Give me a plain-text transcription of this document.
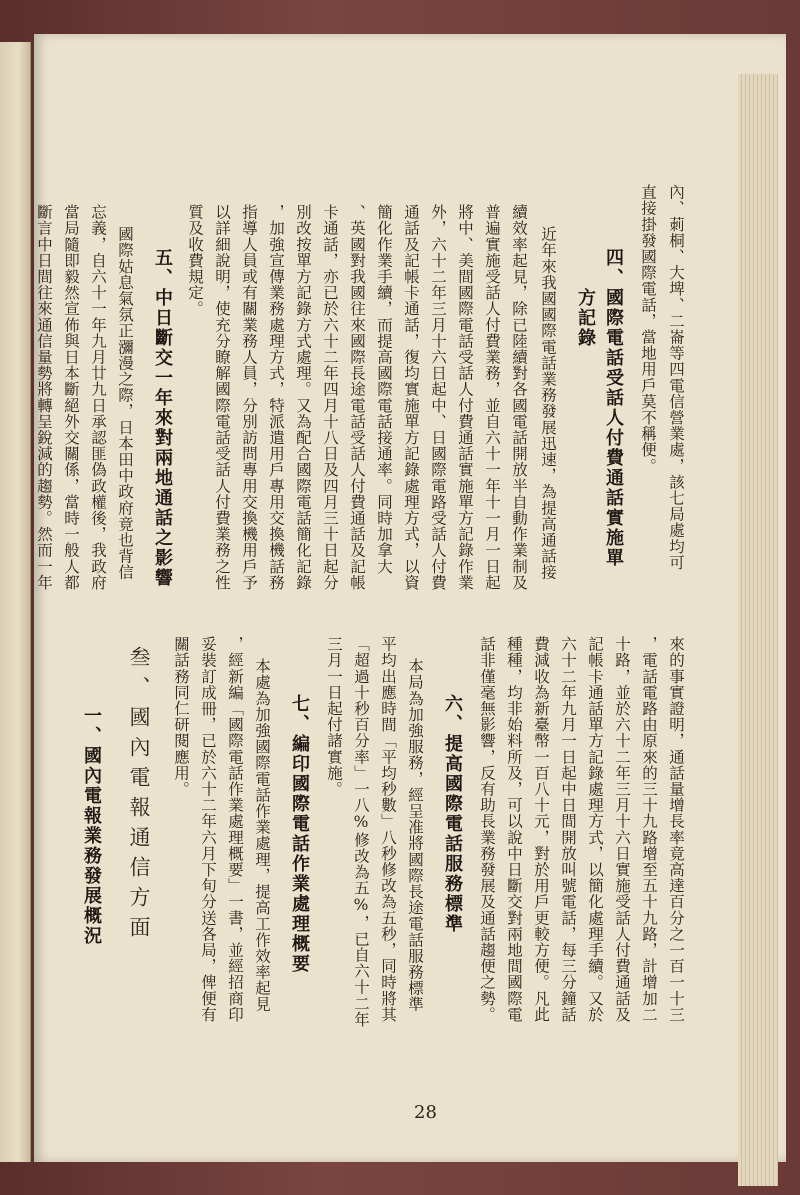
內、莿桐、大埤、二崙等四電信營業處，該七局處均可
直接掛發國際電話，當地用戶莫不稱便。
四、國際電話受話人付費通話實施單
方記錄
近年來我國國際電話業務發展迅速，為提高通話接
續效率起見，除已陸續對各國電話開放半自動作業制及
普遍實施受話人付費業務，並自六十一年十一月一日起
將中、美間國際電話受話人付費通話實施單方記錄作業
外，六十二年三月十六日起中、日國際電路受話人付費
通話及記帳卡通話，復均實施單方記錄處理方式，以資
簡化作業手續，而提高國際電話接通率。同時加拿大
、英國對我國往來國際長途電話受話人付費通話及記帳
卡通話，亦已於六十二年四月十八日及四月三十日起分
別改按單方記錄方式處理。又為配合國際電話簡化記錄
，加強宣傳業務處理方式，特派遣用戶專用交換機話務
指導人員或有關業務人員，分別訪問專用交換機用戶予
以詳細說明，使充分瞭解國際電話受話人付費業務之性
質及收費規定。
五、中日斷交一年來對兩地通話之影響
國際姑息氣氛正瀰漫之際，日本田中政府竟也背信
忘義，自六十一年九月廿九日承認匪偽政權後，我政府
當局隨即毅然宣佈與日本斷絕外交關係，當時一般人都
斷言中日間往來通信量勢將轉呈銳減的趨勢。然而一年
來的事實證明，通話量增長率竟高達百分之一百一十三
，電話電路由原來的三十九路增至五十九路，計增加二
十路，並於六十二年三月十六日實施受話人付費通話及
記帳卡通話單方記錄處理方式，以簡化處理手續。又於
六十二年九月一日起中日間開放叫號電話，每三分鐘話
費減收為新臺幣一百八十元，對於用戶更較方便。凡此
種種，均非始料所及，可以說中日斷交對兩地間國際電
話非僅毫無影響，反有助長業務發展及通話趨便之勢。
六、提高國際電話服務標準
本局為加強服務，經呈准將國際長途電話服務標準
平均出應時間「平均秒數」八秒修改為五秒，同時將其
「超過十秒百分率」一八%修改為五%，已自六十二年
三月一日起付諸實施。
七、編印國際電話作業處理概要
本處為加強國際電話作業處理，提高工作效率起見
，經新編「國際電話作業處理概要」一書，並經招商印
妥裝訂成冊，已於六十二年六月下旬分送各局，俾便有
關話務同仁研閱應用。
叁、國內電報通信方面
一、國內電報業務發展概況
28
